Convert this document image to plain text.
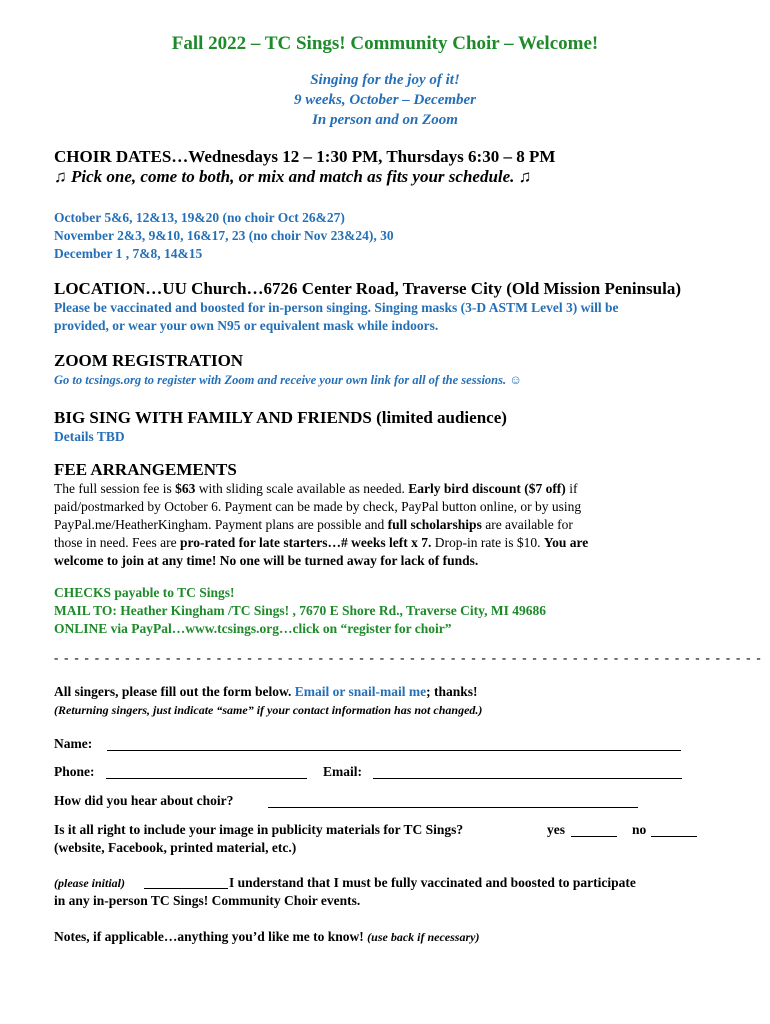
Fall 2022 – TC Sings! Community Choir – Welcome!
Singing for the joy of it!
9 weeks, October – December
In person and on Zoom
CHOIR DATES…Wednesdays 12 – 1:30 PM, Thursdays 6:30 – 8 PM
♫ Pick one, come to both, or mix and match as fits your schedule. ♫
October 5&6, 12&13, 19&20 (no choir Oct 26&27)
November 2&3, 9&10, 16&17, 23 (no choir Nov 23&24), 30
December 1 , 7&8, 14&15
LOCATION…UU Church…6726 Center Road, Traverse City (Old Mission Peninsula)
Please be vaccinated and boosted for in-person singing. Singing masks (3-D ASTM Level 3) will be
provided, or wear your own N95 or equivalent mask while indoors.
ZOOM REGISTRATION
Go to tcsings.org to register with Zoom and receive your own link for all of the sessions. ☺
BIG SING WITH FAMILY AND FRIENDS (limited audience)
Details TBD
FEE ARRANGEMENTS
The full session fee is $63 with sliding scale available as needed. Early bird discount ($7 off) if
paid/postmarked by October 6. Payment can be made by check, PayPal button online, or by using
PayPal.me/HeatherKingham. Payment plans are possible and full scholarships are available for
those in need. Fees are pro-rated for late starters…# weeks left x 7. Drop-in rate is $10. You are
welcome to join at any time! No one will be turned away for lack of funds.
CHECKS payable to TC Sings!
MAIL TO: Heather Kingham /TC Sings! , 7670 E Shore Rd., Traverse City, MI 49686
ONLINE via PayPal…www.tcsings.org…click on “register for choir”
- - - - - - - - - - - - - - - - - - - - - - - - - - - - - - - - - - - - - - - - - - - - - - - - - - - - - - - - - - - - - - - - - - - - - -
All singers, please fill out the form below. Email or snail-mail me; thanks!
(Returning singers, just indicate “same” if your contact information has not changed.)
Name:
Phone:	Email:
How did you hear about choir?
Is it all right to include your image in publicity materials for TC Sings?	yes	no
(website, Facebook, printed material, etc.)
(please initial)	I understand that I must be fully vaccinated and boosted to participate
in any in-person TC Sings! Community Choir events.
Notes, if applicable…anything you’d like me to know! (use back if necessary)
